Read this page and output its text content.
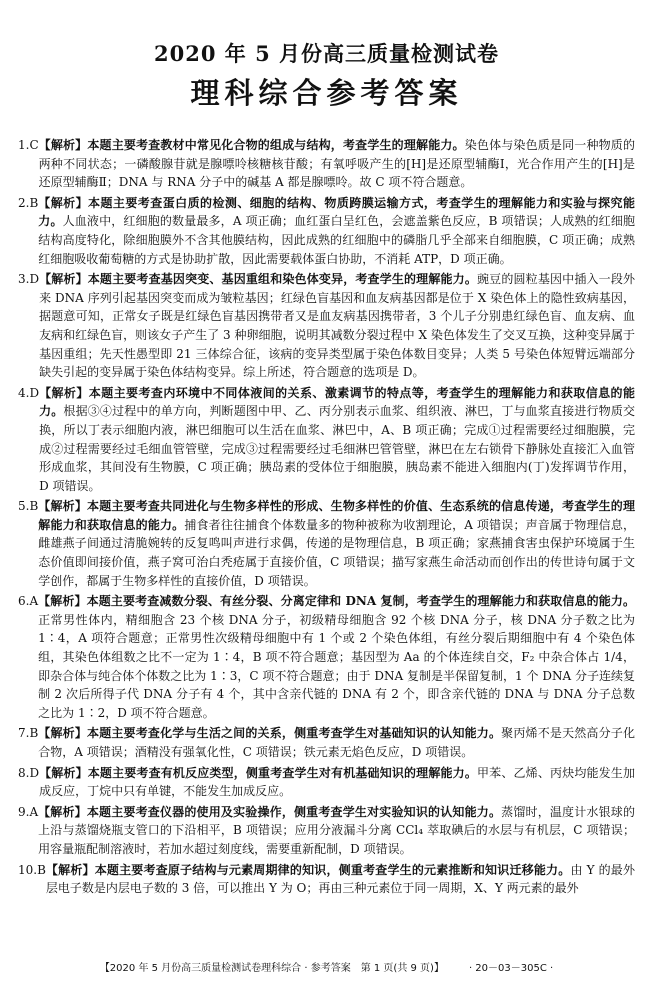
2020 年 5 月份高三质量检测试卷
理科综合参考答案
1.C 【解析】本题主要考查教材中常见化合物的组成与结构，考查学生的理解能力。染色体与染色质是同一种物质的两种不同状态；一磷酸腺苷就是腺嘌呤核糖核苷酸；有氧呼吸产生的[H]是还原型辅酶Ⅰ，光合作用产生的[H]是还原型辅酶Ⅱ；DNA 与 RNA 分子中的碱基 A 都是腺嘌呤。故 C 项不符合题意。
2.B 【解析】本题主要考查蛋白质的检测、细胞的结构、物质跨膜运输方式，考查学生的理解能力和实验与探究能力。人血液中，红细胞的数量最多，A 项正确；血红蛋白呈红色，会遮盖紫色反应，B 项错误；人成熟的红细胞结构高度特化，除细胞膜外不含其他膜结构，因此成熟的红细胞中的磷脂几乎全部来自细胞膜，C 项正确；成熟红细胞吸收葡萄糖的方式是协助扩散，因此需要载体蛋白协助，不消耗 ATP，D 项正确。
3.D 【解析】本题主要考查基因突变、基因重组和染色体变异，考查学生的理解能力。豌豆的圆粒基因中插入一段外来 DNA 序列引起基因突变而成为皱粒基因；红绿色盲基因和血友病基因都是位于 X 染色体上的隐性致病基因，据题意可知，正常女子既是红绿色盲基因携带者又是血友病基因携带者，3 个儿子分别患红绿色盲、血友病、血友病和红绿色盲，则该女子产生了 3 种卵细胞，说明其减数分裂过程中 X 染色体发生了交叉互换，这种变异属于基因重组；先天性愚型即 21 三体综合征，该病的变异类型属于染色体数目变异；人类 5 号染色体短臂远端部分缺失引起的变异属于染色体结构变异。综上所述，符合题意的选项是 D。
4.D 【解析】本题主要考查内环境中不同体液间的关系、激素调节的特点等，考查学生的理解能力和获取信息的能力。根据③④过程中的单方向，判断题图中甲、乙、丙分别表示血浆、组织液、淋巴，丁与血浆直接进行物质交换，所以丁表示细胞内液，淋巴细胞可以生活在血浆、淋巴中，A、B 项正确；完成①过程需要经过细胞膜，完成②过程需要经过毛细血管管壁，完成③过程需要经过毛细淋巴管管壁，淋巴在左右锁骨下静脉处直接汇入血管形成血浆，其间没有生物膜，C 项正确；胰岛素的受体位于细胞膜，胰岛素不能进入细胞内(丁)发挥调节作用，D 项错误。
5.B 【解析】本题主要考查共同进化与生物多样性的形成、生物多样性的价值、生态系统的信息传递，考查学生的理解能力和获取信息的能力。捕食者往往捕食个体数量多的物种被称为收割理论，A 项错误；声音属于物理信息，雌雄燕子间通过清脆婉转的反复鸣叫声进行求偶，传递的是物理信息，B 项正确；家燕捕食害虫保护环境属于生态价值即间接价值，燕子窝可治白秃疮属于直接价值，C 项错误；描写家燕生命活动而创作出的传世诗句属于文学创作，都属于生物多样性的直接价值，D 项错误。
6.A 【解析】本题主要考查减数分裂、有丝分裂、分离定律和 DNA 复制，考查学生的理解能力和获取信息的能力。正常男性体内，精细胞含 23 个核 DNA 分子，初级精母细胞含 92 个核 DNA 分子，核 DNA 分子数之比为 1∶4，A 项符合题意；正常男性次级精母细胞中有 1 个或 2 个染色体组，有丝分裂后期细胞中有 4 个染色体组，其染色体组数之比不一定为 1∶4，B 项不符合题意；基因型为 Aa 的个体连续自交，F₂ 中杂合体占 1/4，即杂合体与纯合体个体数之比为 1∶3，C 项不符合题意；由于 DNA 复制是半保留复制，1 个 DNA 分子连续复制 2 次后所得子代 DNA 分子有 4 个，其中含亲代链的 DNA 有 2 个，即含亲代链的 DNA 与 DNA 分子总数之比为 1∶2，D 项不符合题意。
7.B 【解析】本题主要考查化学与生活之间的关系，侧重考查学生对基础知识的认知能力。聚丙烯不是天然高分子化合物，A 项错误；酒精没有强氧化性，C 项错误；铁元素无焰色反应，D 项错误。
8.D 【解析】本题主要考查有机反应类型，侧重考查学生对有机基础知识的理解能力。甲苯、乙烯、丙炔均能发生加成反应，丁烷中只有单键，不能发生加成反应。
9.A 【解析】本题主要考查仪器的使用及实验操作，侧重考查学生对实验知识的认知能力。蒸馏时，温度计水银球的上沿与蒸馏烧瓶支管口的下沿相平，B 项错误；应用分液漏斗分离 CCl₄ 萃取碘后的水层与有机层，C 项错误；用容量瓶配制溶液时，若加水超过刻度线，需要重新配制，D 项错误。
10.B 【解析】本题主要考查原子结构与元素周期律的知识，侧重考查学生的元素推断和知识迁移能力。由 Y 的最外层电子数是内层电子数的 3 倍，可以推出 Y 为 O；再由三种元素位于同一周期，X、Y 两元素的最外
【2020 年 5 月份高三质量检测试卷理科综合 · 参考答案　第 1 页(共 9 页)】	· 20－03－305C ·
